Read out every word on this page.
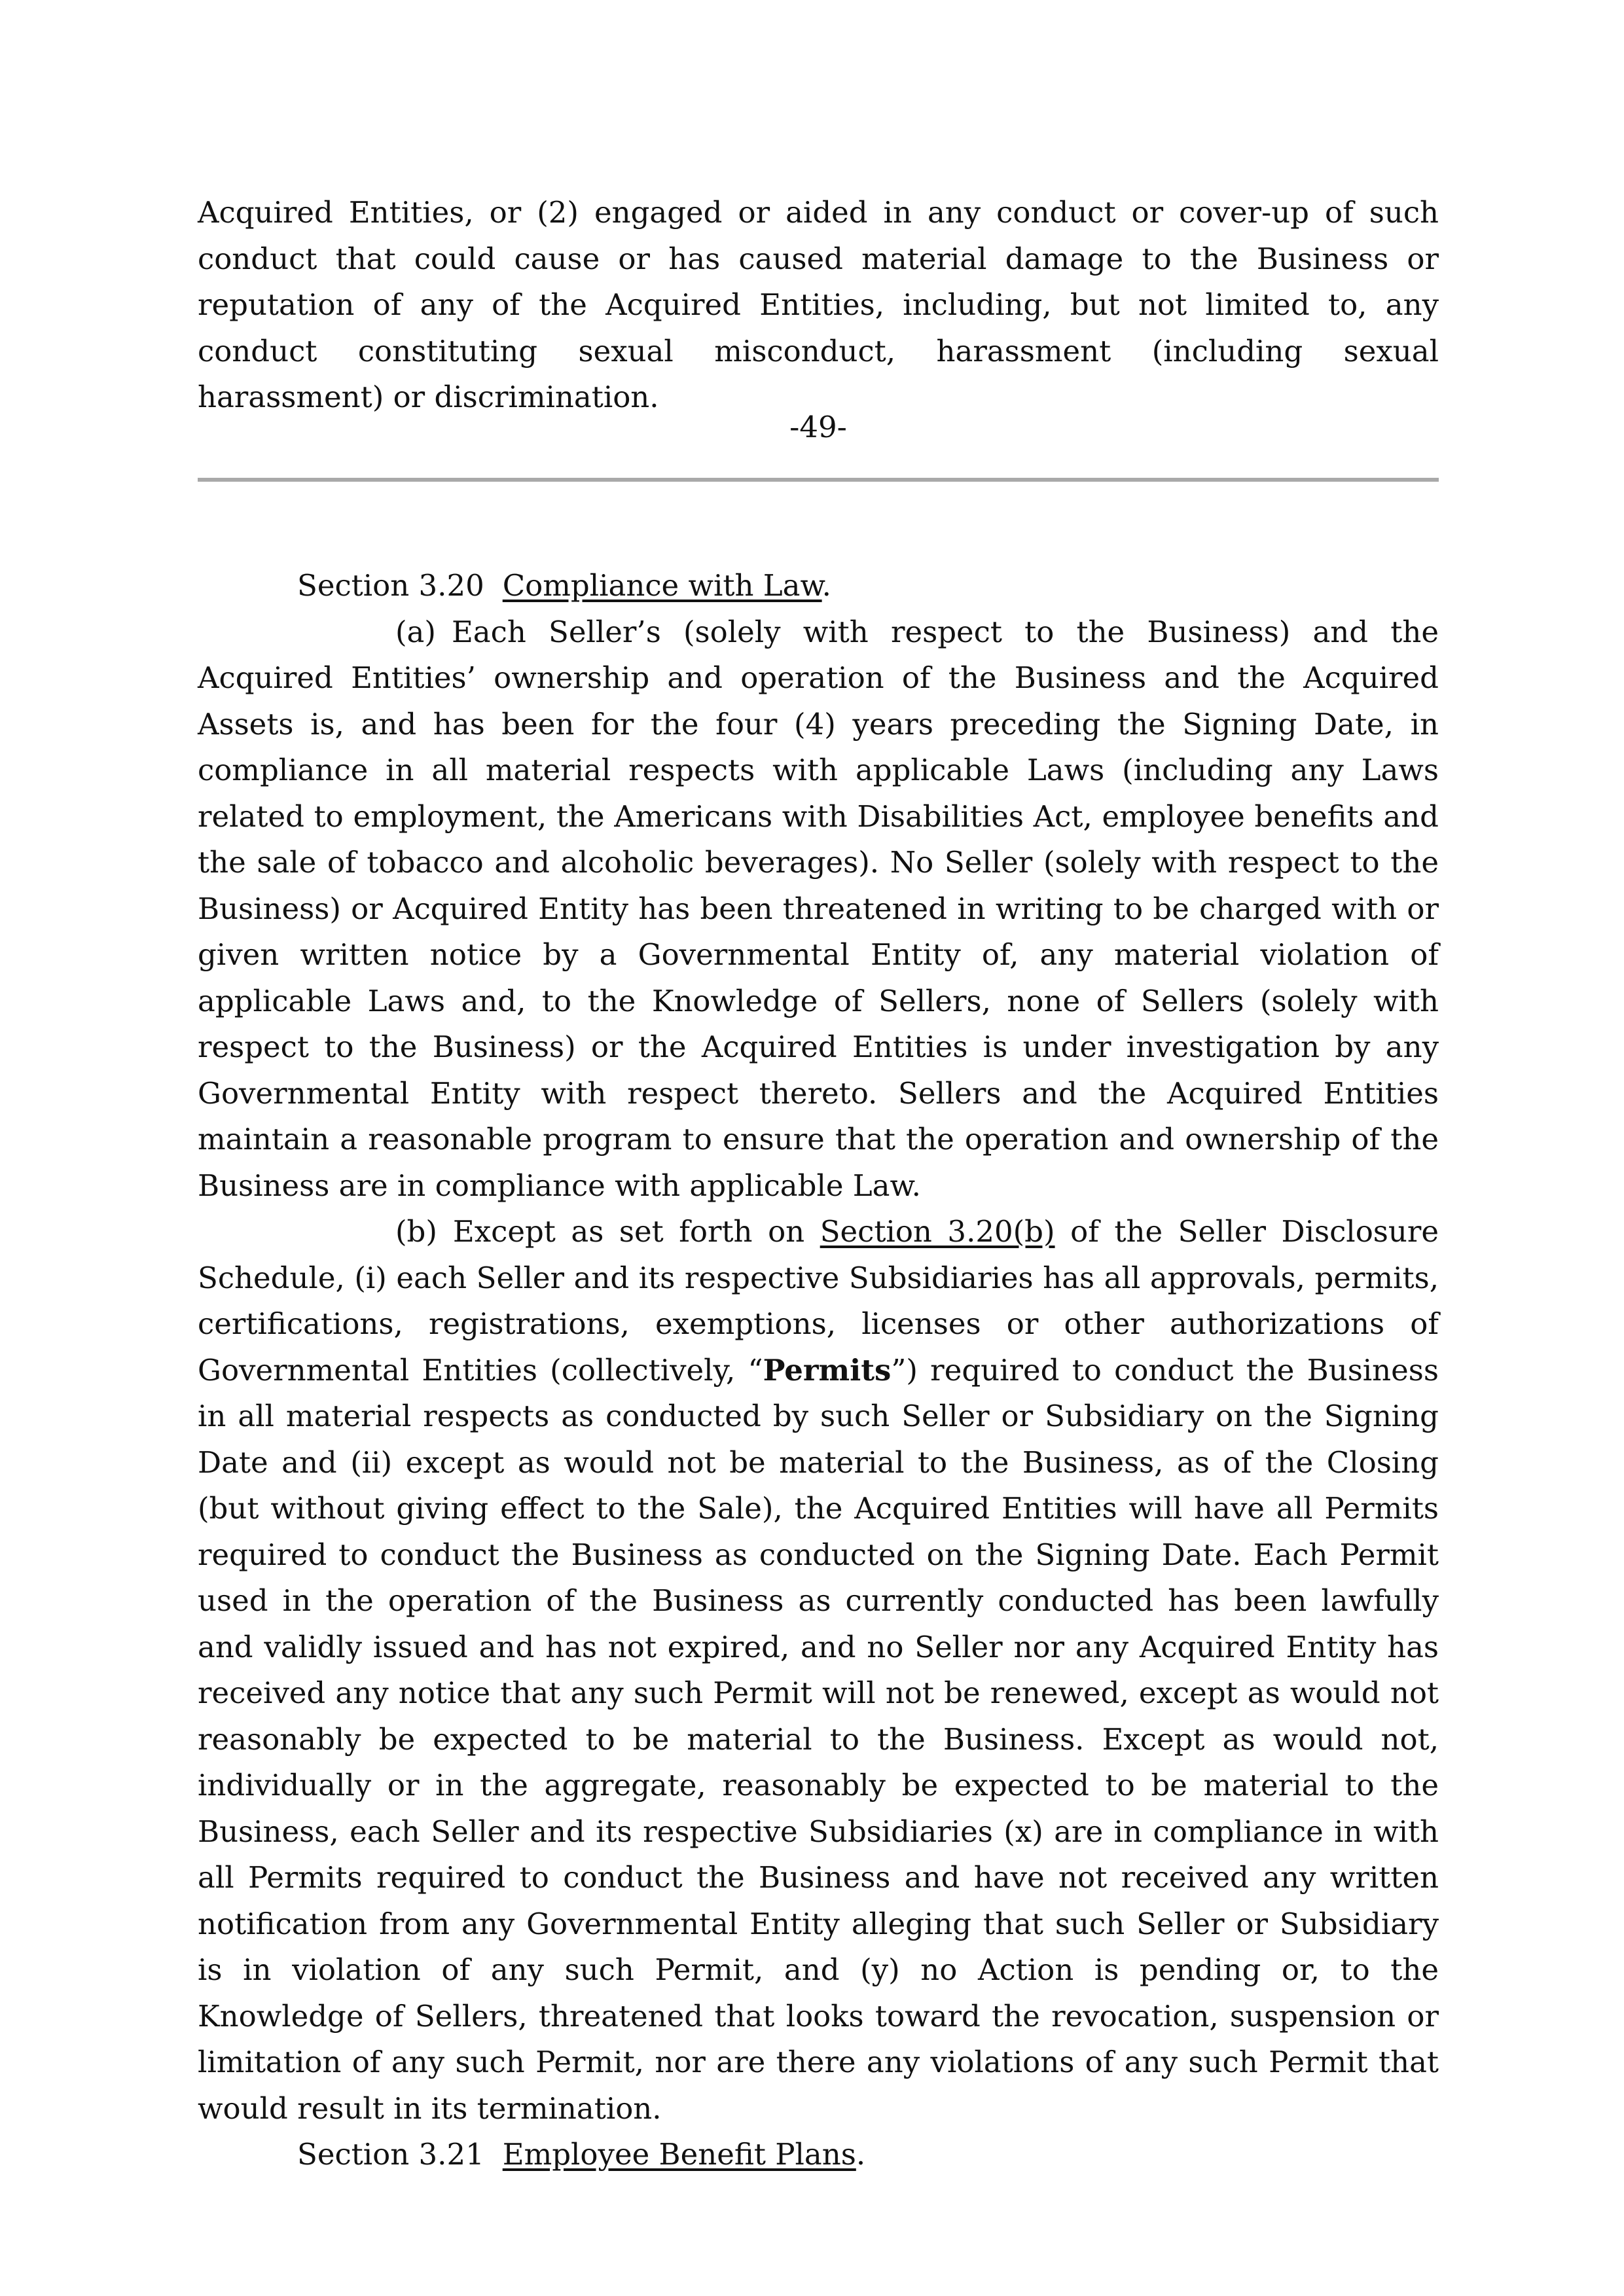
Acquired Entities, or (2) engaged or aided in any conduct or cover-up of such conduct that could cause or has caused material damage to the Business or reputation of any of the Acquired Entities, including, but not limited to, any conduct constituting sexual misconduct, harassment (including sexual harassment) or discrimination.

-49-

Section 3.20 Compliance with Law.

(a) Each Seller’s (solely with respect to the Business) and the Acquired Entities’ ownership and operation of the Business and the Acquired Assets is, and has been for the four (4) years preceding the Signing Date, in compliance in all material respects with applicable Laws (including any Laws related to employment, the Americans with Disabilities Act, employee benefits and the sale of tobacco and alcoholic beverages). No Seller (solely with respect to the Business) or Acquired Entity has been threatened in writing to be charged with or given written notice by a Governmental Entity of, any material violation of applicable Laws and, to the Knowledge of Sellers, none of Sellers (solely with respect to the Business) or the Acquired Entities is under investigation by any Governmental Entity with respect thereto. Sellers and the Acquired Entities maintain a reasonable program to ensure that the operation and ownership of the Business are in compliance with applicable Law.

(b) Except as set forth on Section 3.20(b) of the Seller Disclosure Schedule, (i) each Seller and its respective Subsidiaries has all approvals, permits, certifications, registrations, exemptions, licenses or other authorizations of Governmental Entities (collectively, “Permits”) required to conduct the Business in all material respects as conducted by such Seller or Subsidiary on the Signing Date and (ii) except as would not be material to the Business, as of the Closing (but without giving effect to the Sale), the Acquired Entities will have all Permits required to conduct the Business as conducted on the Signing Date. Each Permit used in the operation of the Business as currently conducted has been lawfully and validly issued and has not expired, and no Seller nor any Acquired Entity has received any notice that any such Permit will not be renewed, except as would not reasonably be expected to be material to the Business. Except as would not, individually or in the aggregate, reasonably be expected to be material to the Business, each Seller and its respective Subsidiaries (x) are in compliance in with all Permits required to conduct the Business and have not received any written notification from any Governmental Entity alleging that such Seller or Subsidiary is in violation of any such Permit, and (y) no Action is pending or, to the Knowledge of Sellers, threatened that looks toward the revocation, suspension or limitation of any such Permit, nor are there any violations of any such Permit that would result in its termination.

Section 3.21 Employee Benefit Plans.
